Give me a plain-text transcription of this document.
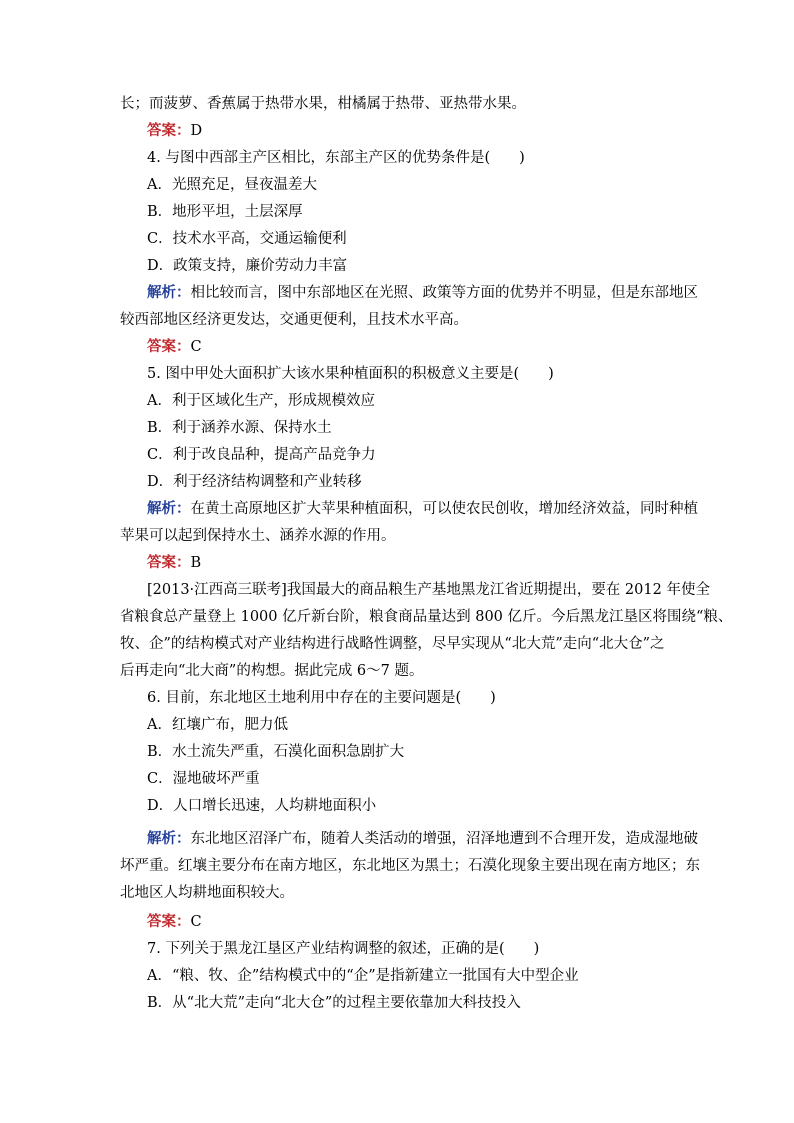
长；而菠萝、香蕉属于热带水果，柑橘属于热带、亚热带水果。
答案：D
4. 与图中西部主产区相比，东部主产区的优势条件是(　　)
A．光照充足，昼夜温差大
B．地形平坦，土层深厚
C．技术水平高，交通运输便利
D．政策支持，廉价劳动力丰富
解析：相比较而言，图中东部地区在光照、政策等方面的优势并不明显，但是东部地区
较西部地区经济更发达，交通更便利，且技术水平高。
答案：C
5. 图中甲处大面积扩大该水果种植面积的积极意义主要是(　　)
A．利于区域化生产，形成规模效应
B．利于涵养水源、保持水土
C．利于改良品种，提高产品竞争力
D．利于经济结构调整和产业转移
解析：在黄土高原地区扩大苹果种植面积，可以使农民创收，增加经济效益，同时种植
苹果可以起到保持水土、涵养水源的作用。
答案：B
[2013·江西高三联考]我国最大的商品粮生产基地黑龙江省近期提出，要在 2012 年使全
省粮食总产量登上 1000 亿斤新台阶，粮食商品量达到 800 亿斤。今后黑龙江垦区将围绕“粮、
牧、企”的结构模式对产业结构进行战略性调整，尽早实现从“北大荒”走向“北大仓”之
后再走向“北大商”的构想。据此完成 6～7 题。
6. 目前，东北地区土地利用中存在的主要问题是(　　)
A．红壤广布，肥力低
B．水土流失严重，石漠化面积急剧扩大
C．湿地破坏严重
D．人口增长迅速，人均耕地面积小
解析：东北地区沼泽广布，随着人类活动的增强，沼泽地遭到不合理开发，造成湿地破
坏严重。红壤主要分布在南方地区，东北地区为黑土；石漠化现象主要出现在南方地区；东
北地区人均耕地面积较大。
答案：C
7. 下列关于黑龙江垦区产业结构调整的叙述，正确的是(　　)
A．“粮、牧、企”结构模式中的“企”是指新建立一批国有大中型企业
B．从“北大荒”走向“北大仓”的过程主要依靠加大科技投入
